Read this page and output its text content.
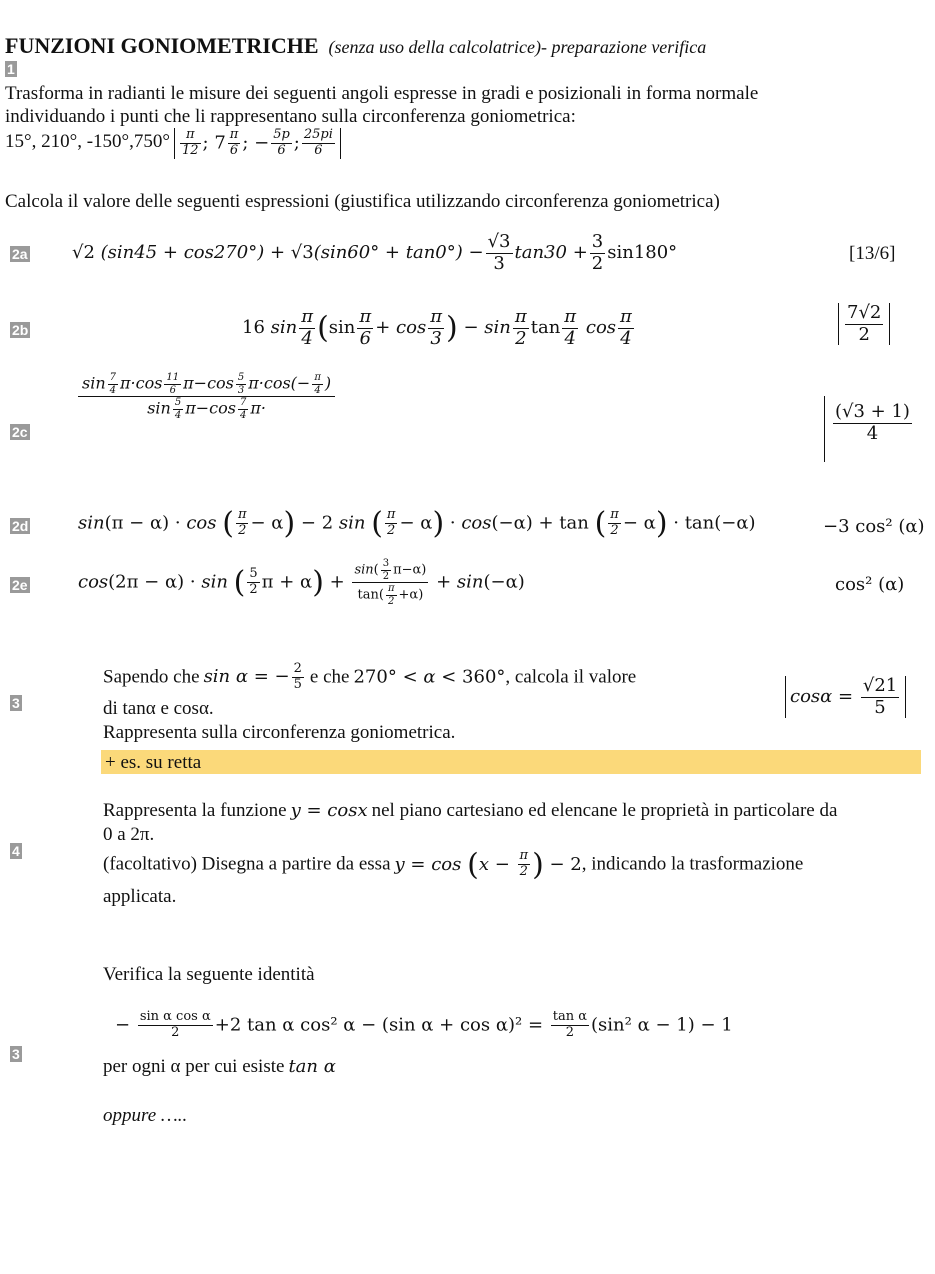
FUNZIONI GONIOMETRICHE (senza uso della calcolatrice)- preparazione verifica
1
Trasforma in radianti le misure dei seguenti angoli espresse in gradi e posizionali in forma normale
individuando i punti che li rappresentano sulla circonferenza goniometrica:
15°, 210°, $-150^\circ,750^\circ \frac{\pi}{12}$ ; $7 \frac{\pi}{6}$ ; − $\frac{5p}{6}$ ; $\frac{25pi}{6}$
Calcola il valore delle seguenti espressioni (giustifica utilizzando circonferenza goniometrica)
2a √2 $(\sin 45 + \cos 270^\circ) + √3(\sin 60^\circ + \tan 0^\circ) - \frac{√3}{3} \tan 30 + \frac{3}{2} \sin 180^\circ$	[13/6]
2b	16 $\sin \frac{\pi}{4} (\sin \frac{\pi}{6} + \cos \frac{\pi}{3}$ ) − $\sin \frac{\pi}{2}$ $\tan \frac{\pi}{4}$ $\cos \frac{\pi}{4}$	$\frac{7√2}{2}$
2c
$\frac{\sin \frac{7}{4} \pi\cdot\cos \frac{11}{6} \pi-\cos \frac{5}{3} \pi\cdot\cos(- \frac{\pi}{4} )}{\sin \frac{5}{4} \pi-\cos \frac{7}{4} \pi\cdot}$
$\frac{(√3 + 1)}{4}$
2d	sin(π − α) · cos ( $\frac{\pi}{2} - \alpha) - 2$ sin ( $\frac{\pi}{2} - \alpha) \cdot \cos(-\alpha) + \tan$ ( $\frac{\pi}{2} - \alpha) \cdot \tan(-\alpha)$	−3 cos² (α)
2e	cos(2π − α) · sin ( $\frac{5}{2}$ $\pi + \alpha) + \frac{\sin( \frac{3}{2} \pi-\alpha)}{\tan( \frac{\pi}{2} +\alpha)} + \sin(-\alpha)$	cos² (α)
3
Sapendo che sin α = − $\frac{2}{5}$ e che 270° < α < 360°, calcola il valore
di tanα e cosα.
Rappresenta sulla circonferenza goniometrica.
$\cos\alpha = \frac{√21}{5}$
+ es. su retta
4
Rappresenta la funzione y = cosx nel piano cartesiano ed elencane le proprietà in particolare da
0 a 2π.
(facoltativo) Disegna a partire da essa $y = \cos (x - \frac{\pi}{2}$ ) − 2, indicando la trasformazione
applicata.
Verifica la seguente identità
3
− $\frac{\text{sin α cos α}}{2} +2$ tan α cos² α − (sin $\alpha + \cos \alpha)^2 = \frac{\text{tan α}}{2} (\sin^2$ α − 1) − 1
per ogni α per cui esiste tan α
oppure …..
